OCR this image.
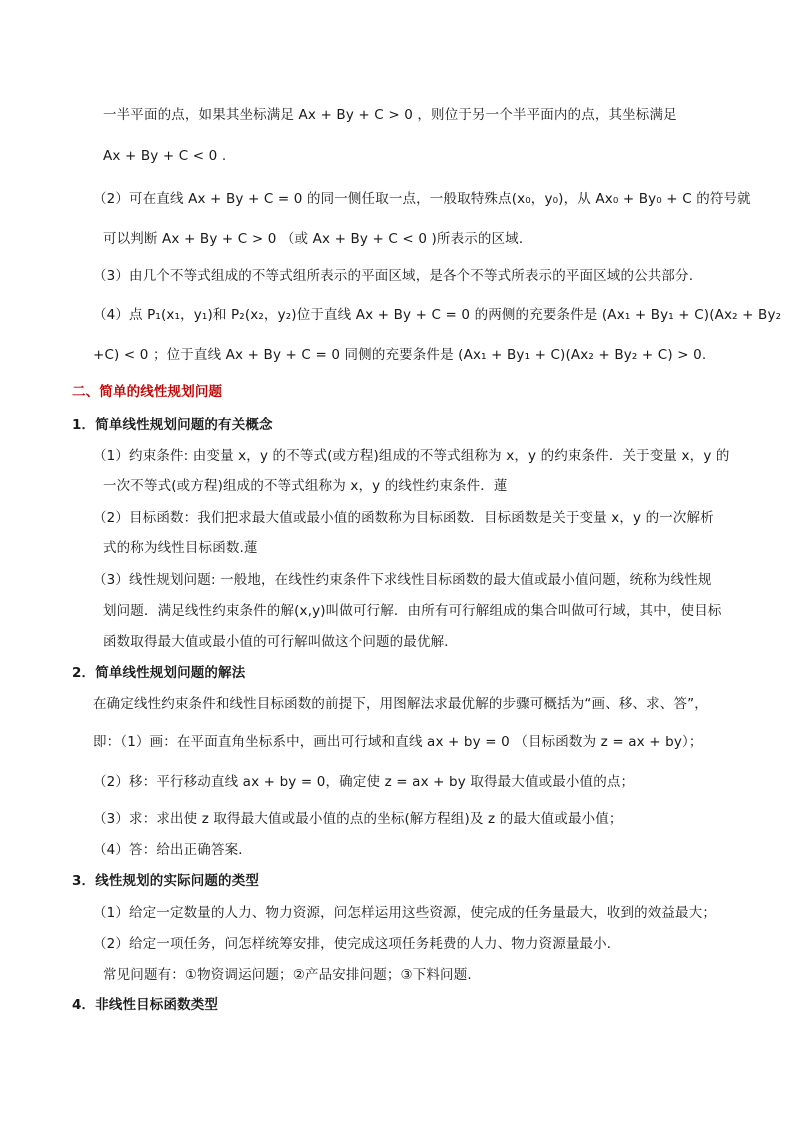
一半平面的点，如果其坐标满足 Ax + By + C > 0 ，则位于另一个半平面内的点，其坐标满足
Ax + By + C < 0 .
（2）可在直线 Ax + By + C = 0 的同一侧任取一点，一般取特殊点(x₀，y₀)，从 Ax₀ + By₀ + C 的符号就
可以判断 Ax + By + C > 0 （或 Ax + By + C < 0 )所表示的区域．
（3）由几个不等式组成的不等式组所表示的平面区域，是各个不等式所表示的平面区域的公共部分.
（4）点 P₁(x₁，y₁)和 P₂(x₂，y₂)位于直线 Ax + By + C = 0 的两侧的充要条件是 (Ax₁ + By₁ + C)(Ax₂ + By₂
+C) < 0 ；位于直线 Ax + By + C = 0 同侧的充要条件是 (Ax₁ + By₁ + C)(Ax₂ + By₂ + C) > 0.
二、简单的线性规划问题
1．简单线性规划问题的有关概念
（1）约束条件: 由变量 x，y 的不等式(或方程)组成的不等式组称为 x，y 的约束条件．关于变量 x，y 的
一次不等式(或方程)组成的不等式组称为 x，y 的线性约束条件．蓮
（2）目标函数：我们把求最大值或最小值的函数称为目标函数．目标函数是关于变量 x，y 的一次解析
式的称为线性目标函数.蓮
（3）线性规划问题: 一般地，在线性约束条件下求线性目标函数的最大值或最小值问题，统称为线性规
划问题．满足线性约束条件的解(x,y)叫做可行解．由所有可行解组成的集合叫做可行域，其中，使目标
函数取得最大值或最小值的可行解叫做这个问题的最优解．
2．简单线性规划问题的解法
在确定线性约束条件和线性目标函数的前提下，用图解法求最优解的步骤可概括为“画、移、求、答”，
即：（1）画：在平面直角坐标系中，画出可行域和直线 ax + by = 0 （目标函数为 z = ax + by）；
（2）移：平行移动直线 ax + by = 0，确定使 z = ax + by 取得最大值或最小值的点；
（3）求：求出使 z 取得最大值或最小值的点的坐标(解方程组)及 z 的最大值或最小值；
（4）答：给出正确答案．
3．线性规划的实际问题的类型
（1）给定一定数量的人力、物力资源，问怎样运用这些资源，使完成的任务量最大，收到的效益最大；
（2）给定一项任务，问怎样统筹安排，使完成这项任务耗费的人力、物力资源量最小．
常见问题有：①物资调运问题；②产品安排问题；③下料问题.
4．非线性目标函数类型
